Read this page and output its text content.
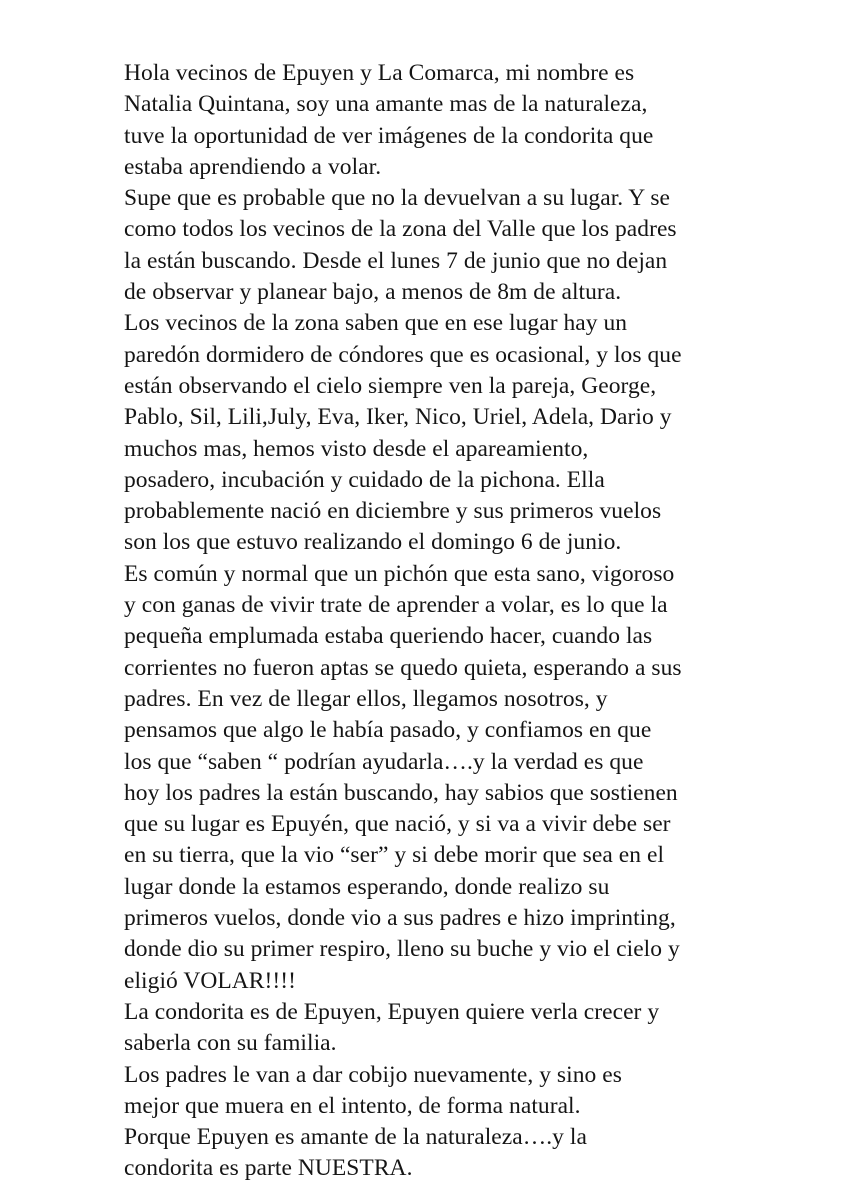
Hola vecinos de Epuyen y La Comarca, mi nombre es
Natalia Quintana, soy una amante mas de la naturaleza,
tuve la oportunidad de ver imágenes de la condorita que
estaba aprendiendo a volar.
Supe que es probable que no la devuelvan a su lugar. Y se
como todos los vecinos de la zona del Valle que los padres
la están buscando. Desde el lunes 7 de junio que no dejan
de observar y planear bajo, a menos de 8m de altura.
Los vecinos de la zona saben que en ese lugar hay un
paredón dormidero de cóndores que es ocasional, y los que
están observando el cielo siempre ven la pareja, George,
Pablo, Sil, Lili,July, Eva, Iker, Nico, Uriel, Adela, Dario y
muchos mas, hemos visto desde el apareamiento,
posadero, incubación y cuidado de la pichona. Ella
probablemente nació en diciembre y sus primeros vuelos
son los que estuvo realizando el domingo 6 de junio.
Es común y normal que un pichón que esta sano, vigoroso
y con ganas de vivir trate de aprender a volar, es lo que la
pequeña emplumada estaba queriendo hacer, cuando las
corrientes no fueron aptas se quedo quieta, esperando a sus
padres. En vez de llegar ellos, llegamos nosotros, y
pensamos que algo le había pasado, y confiamos en que
los que “saben “ podrían ayudarla….y la verdad es que
hoy los padres la están buscando, hay sabios que sostienen
que su lugar es Epuyén, que nació, y si va a vivir debe ser
en su tierra, que la vio “ser” y si debe morir que sea en el
lugar donde la estamos esperando, donde realizo su
primeros vuelos, donde vio a sus padres e hizo imprinting,
donde dio su primer respiro, lleno su buche y vio el cielo y
eligió VOLAR!!!!
La condorita es de Epuyen, Epuyen quiere verla crecer y
saberla con su familia.
Los padres le van a dar cobijo nuevamente, y sino es
mejor que muera en el intento, de forma natural.
Porque Epuyen es amante de la naturaleza….y la
condorita es parte NUESTRA.
